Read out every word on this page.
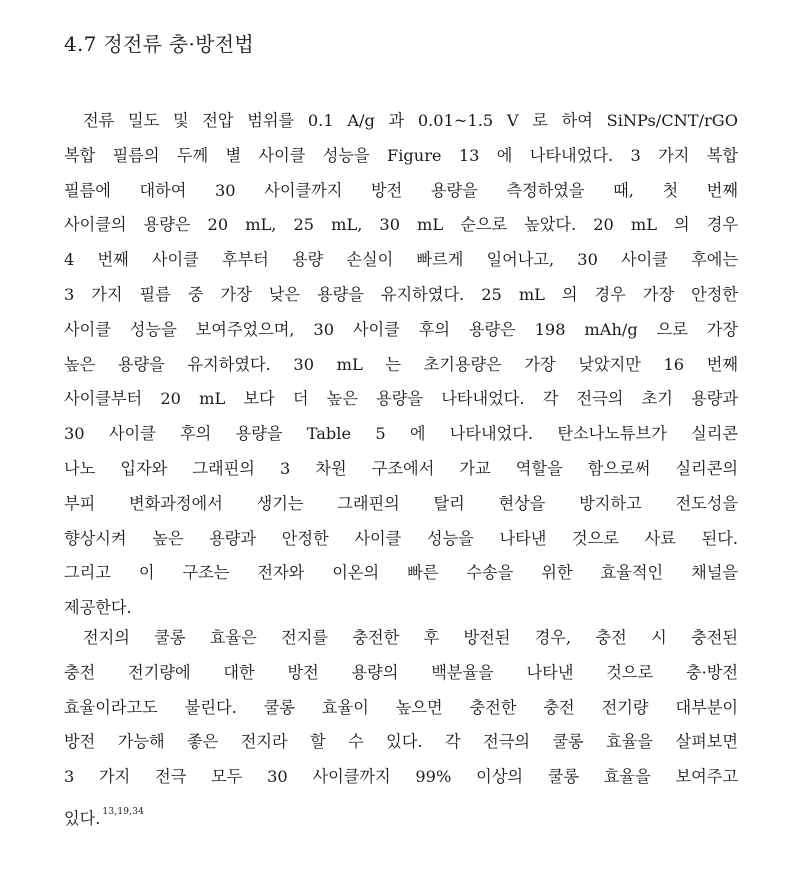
4.7 정전류 충·방전법
전류 밀도 및 전압 범위를 0.1 A/g 과 0.01~1.5 V 로 하여 SiNPs/CNT/rGO
복합 필름의 두께 별 사이클 성능을 Figure 13 에 나타내었다. 3 가지 복합
필름에 대하여 30 사이클까지 방전 용량을 측정하였을 때, 첫 번째
사이클의 용량은 20 mL, 25 mL, 30 mL 순으로 높았다. 20 mL 의 경우
4 번째 사이클 후부터 용량 손실이 빠르게 일어나고, 30 사이클 후에는
3 가지 필름 중 가장 낮은 용량을 유지하였다. 25 mL 의 경우 가장 안정한
사이클 성능을 보여주었으며, 30 사이클 후의 용량은 198 mAh/g 으로 가장
높은 용량을 유지하였다. 30 mL 는 초기용량은 가장 낮았지만 16 번째
사이클부터 20 mL 보다 더 높은 용량을 나타내었다. 각 전극의 초기 용량과
30 사이클 후의 용량을 Table 5 에 나타내었다. 탄소나노튜브가 실리콘
나노 입자와 그래핀의 3 차원 구조에서 가교 역할을 함으로써 실리콘의
부피 변화과정에서 생기는 그래핀의 탈리 현상을 방지하고 전도성을
향상시켜 높은 용량과 안정한 사이클 성능을 나타낸 것으로 사료 된다.
그리고 이 구조는 전자와 이온의 빠른 수송을 위한 효율적인 채널을
제공한다.
전지의 쿨롱 효율은 전지를 충전한 후 방전된 경우, 충전 시 충전된
충전 전기량에 대한 방전 용량의 백분율을 나타낸 것으로 충·방전
효율이라고도 불린다. 쿨롱 효율이 높으면 충전한 충전 전기량 대부분이
방전 가능해 좋은 전지라 할 수 있다. 각 전극의 쿨롱 효율을 살펴보면
3 가지 전극 모두 30 사이클까지 99% 이상의 쿨롱 효율을 보여주고
있다. $^{13,19,34}$
